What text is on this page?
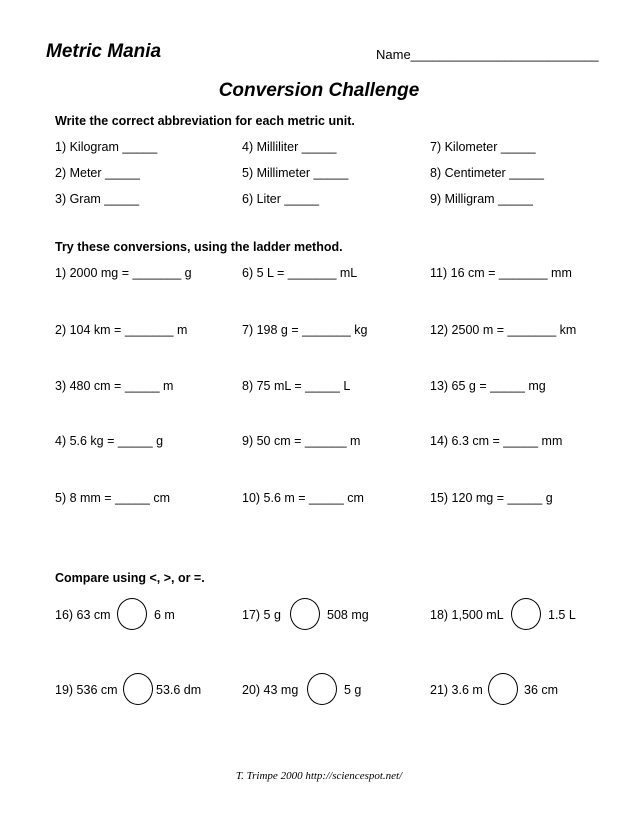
Metric Mania	Name__________________________
Conversion Challenge
Write the correct abbreviation for each metric unit.
1) Kilogram _____
2) Meter _____
3) Gram _____
4) Milliliter _____
5) Millimeter _____
6) Liter _____
7) Kilometer _____
8) Centimeter _____
9) Milligram _____
Try these conversions, using the ladder method.
1) 2000 mg = _______ g
2) 104 km = _______ m
3) 480 cm = _____ m
4) 5.6 kg = _____ g
5) 8 mm = _____ cm
6) 5 L = _______ mL
7) 198 g = _______ kg
8) 75 mL = _____ L
9) 50 cm = ______ m
10) 5.6 m = _____ cm
11) 16 cm = _______ mm
12) 2500 m = _______ km
13) 65 g = _____ mg
14) 6.3 cm = _____ mm
15) 120 mg = _____ g
Compare using <, >, or =.
16) 63 cm	6 m	17) 5 g	508 mg	18) 1,500 mL	1.5 L
19) 536 cm	53.6 dm	20) 43 mg	5 g	21) 3.6 m	36 cm
T. Trimpe 2000 http://sciencespot.net/
